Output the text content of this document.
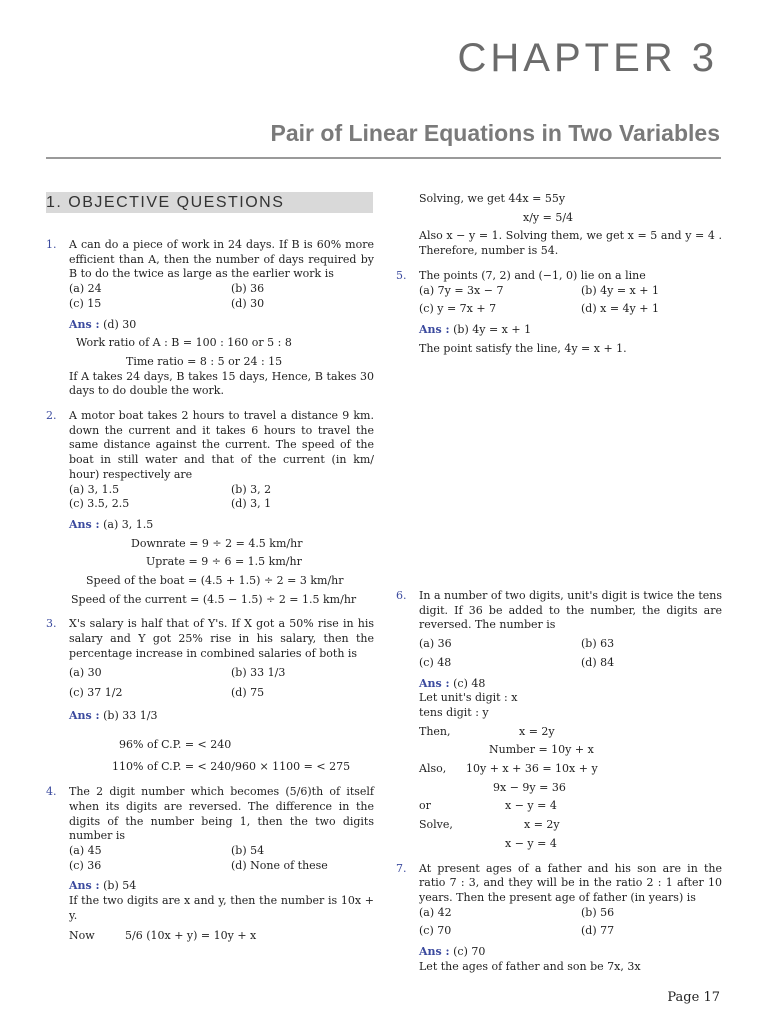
CHAPTER 3
Pair of Linear Equations in Two Variables
1. OBJECTIVE QUESTIONS
1. A can do a piece of work in 24 days. If B is 60% more efficient than A, then the number of days required by B to do the twice as large as the earlier work is
(a) 24	(b) 36
(c) 15	(d) 30
Ans : (d) 30
Work ratio of A : B = 100 : 160 or 5 : 8
Time ratio = 8 : 5 or 24 : 15
If A takes 24 days, B takes 15 days, Hence, B takes 30 days to do double the work.
2. A motor boat takes 2 hours to travel a distance 9 km. down the current and it takes 6 hours to travel the same distance against the current. The speed of the boat in still water and that of the current (in km/ hour) respectively are
(a) 3, 1.5	(b) 3, 2
(c) 3.5, 2.5	(d) 3, 1
Ans : (a) 3, 1.5
Downrate = 9 ÷ 2 = 4.5 km/hr
Uprate = 9 ÷ 6 = 1.5 km/hr
Speed of the boat = (4.5 + 1.5) ÷ 2 = 3 km/hr
Speed of the current = (4.5 − 1.5) ÷ 2 = 1.5 km/hr
3. X's salary is half that of Y's. If X got a 50% rise in his salary and Y got 25% rise in his salary, then the percentage increase in combined salaries of both is
(a) 30	(b) 33 1/3
(c) 37 1/2	(d) 75
Ans : (b) 33 1/3
96% of C.P. = < 240
110% of C.P. = < 240/960 × 1100 = < 275
4. The 2 digit number which becomes (5/6)th of itself when its digits are reversed. The difference in the digits of the number being 1, then the two digits number is
(a) 45	(b) 54
(c) 36	(d) None of these
Ans : (b) 54
If the two digits are x and y, then the number is 10x + y.
Now	5/6 (10x + y) = 10y + x
Solving, we get 44x = 55y
x/y = 5/4
Also x − y = 1. Solving them, we get x = 5 and y = 4 . Therefore, number is 54.
5. The points (7, 2) and (−1, 0) lie on a line
(a) 7y = 3x − 7	(b) 4y = x + 1
(c) y = 7x + 7	(d) x = 4y + 1
Ans : (b) 4y = x + 1
The point satisfy the line, 4y = x + 1.
6. In a number of two digits, unit's digit is twice the tens digit. If 36 be added to the number, the digits are reversed. The number is
(a) 36	(b) 63
(c) 48	(d) 84
Ans : (c) 48
Let unit's digit : x
tens digit : y
Then,	x = 2y
Number = 10y + x
Also,	10y + x + 36 = 10x + y
9x − 9y = 36
or	x − y = 4
Solve,	x = 2y
x − y = 4
7. At present ages of a father and his son are in the ratio 7 : 3, and they will be in the ratio 2 : 1 after 10 years. Then the present age of father (in years) is
(a) 42	(b) 56
(c) 70	(d) 77
Ans : (c) 70
Let the ages of father and son be 7x, 3x
Page 17
